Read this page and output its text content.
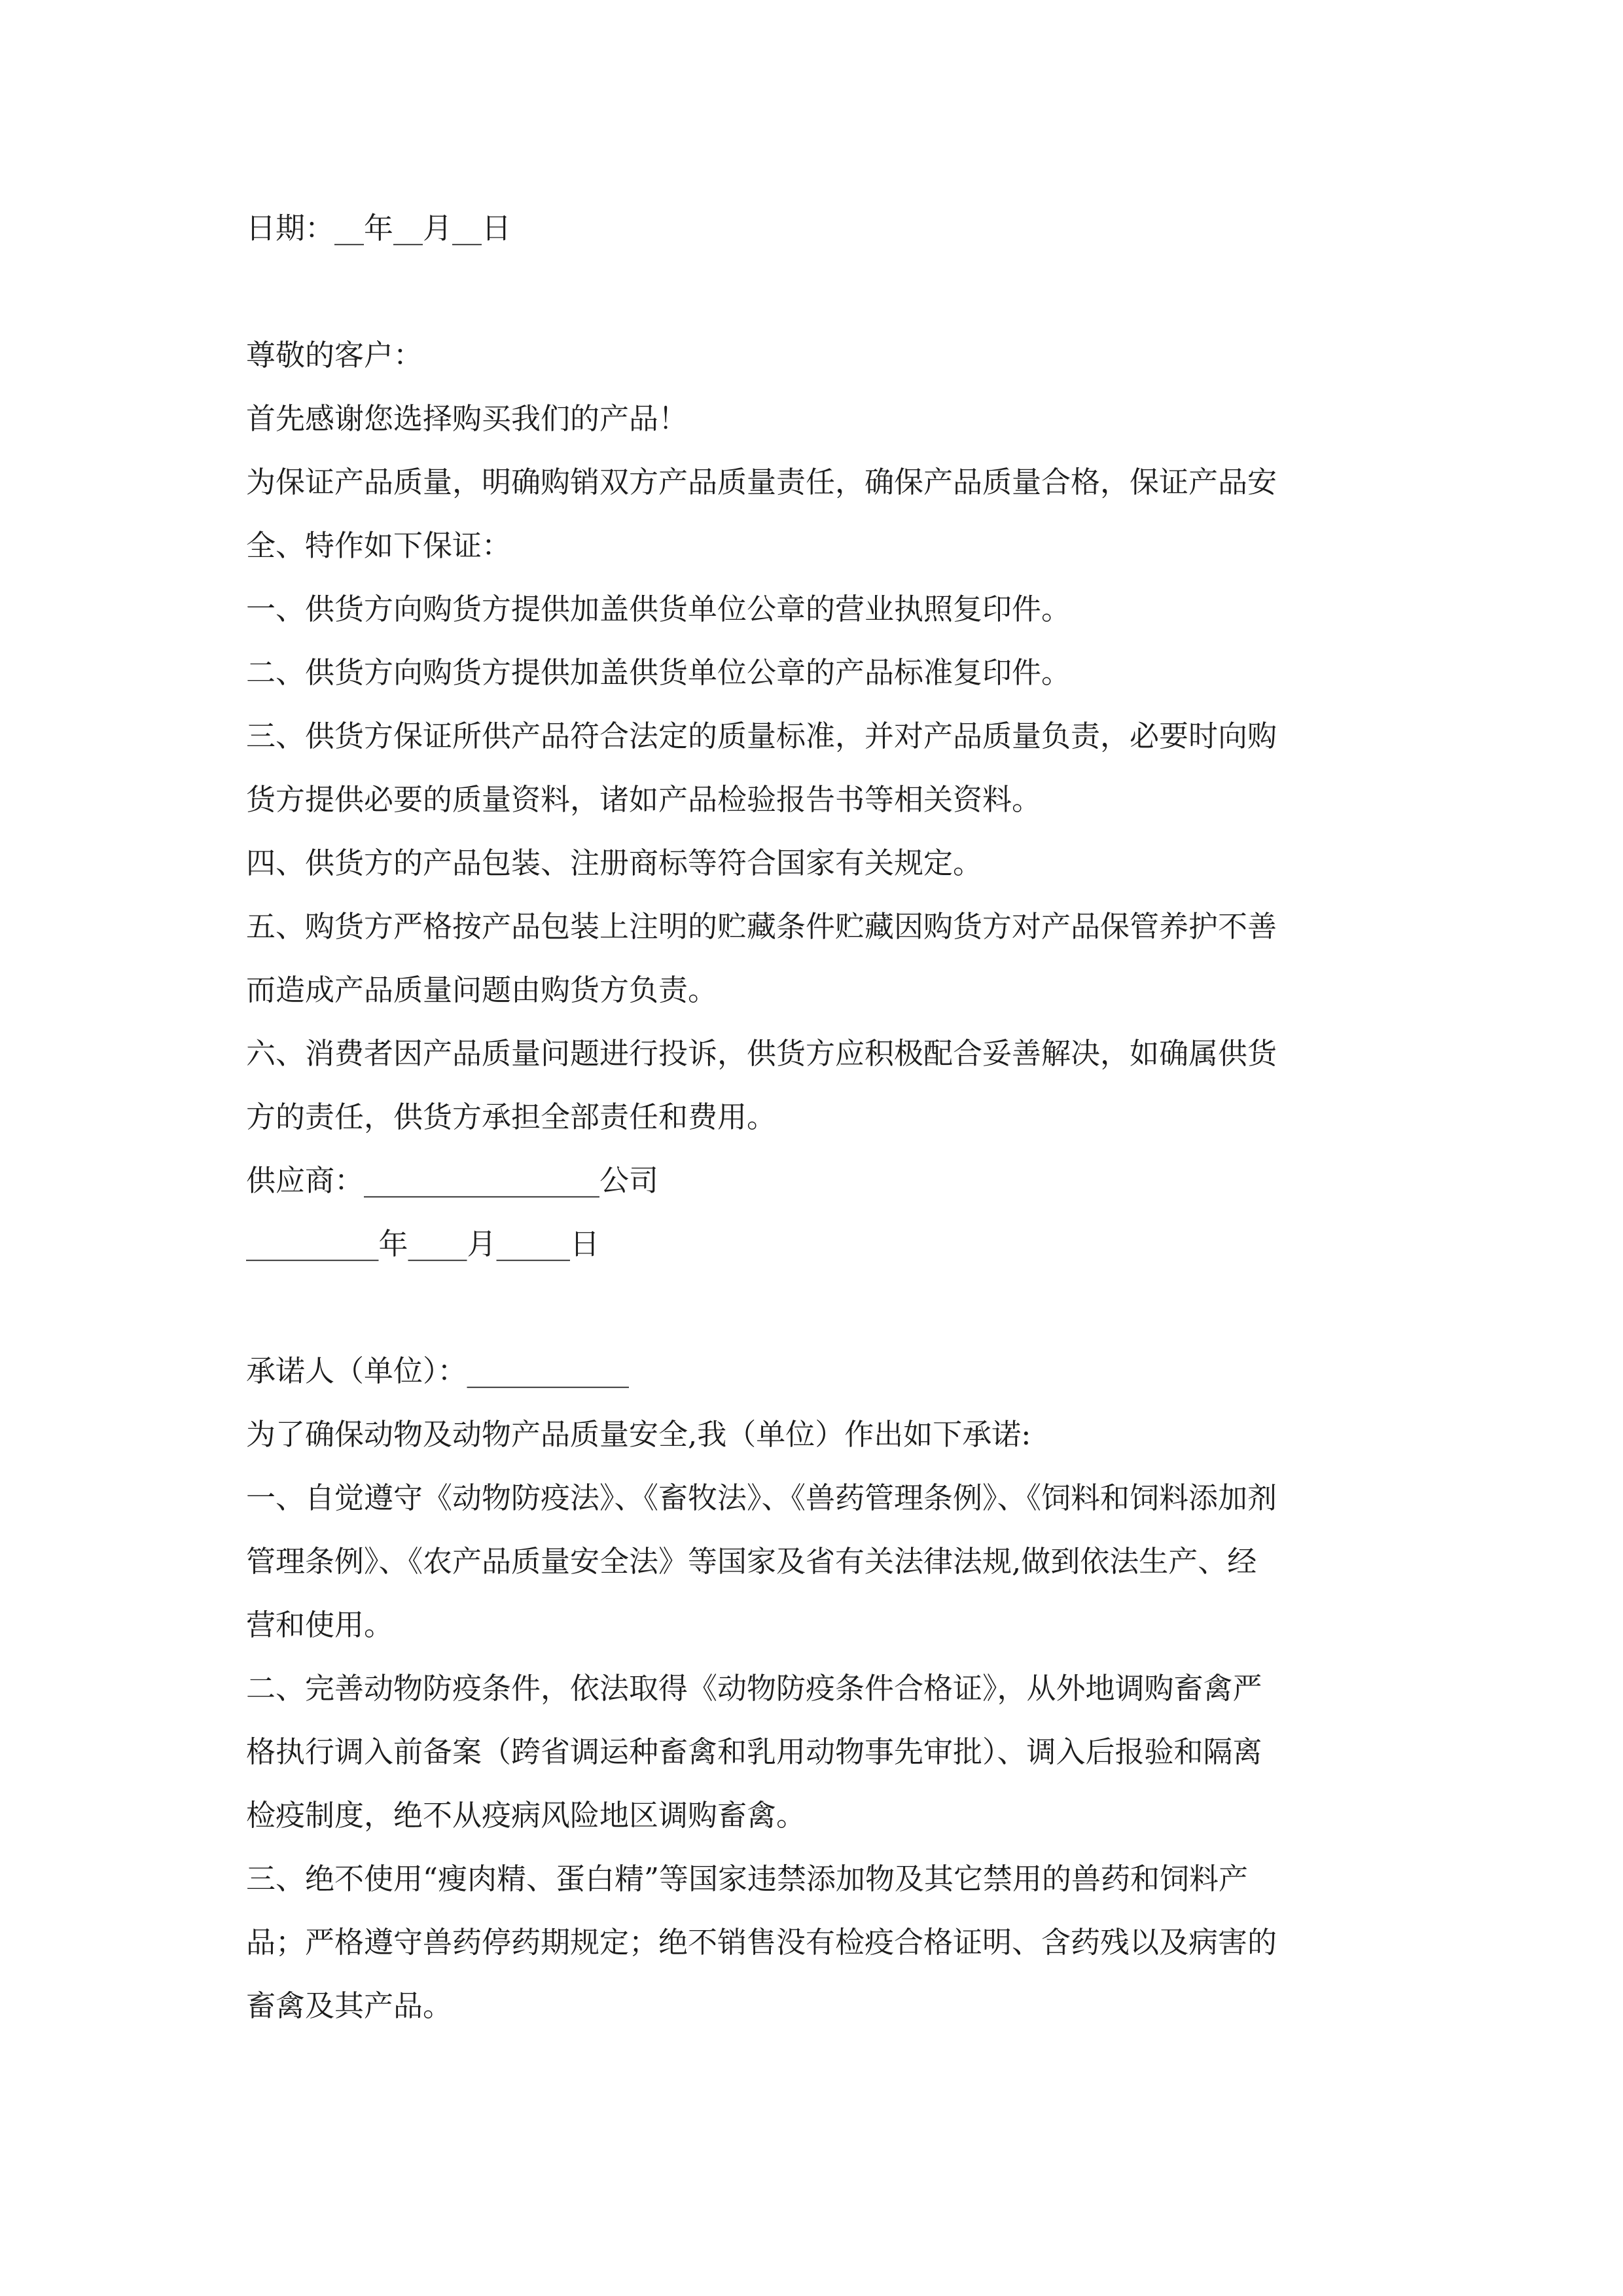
日期：__年__月__日
尊敬的客户：
首先感谢您选择购买我们的产品！
为保证产品质量，明确购销双方产品质量责任，确保产品质量合格，保证产品安
全、特作如下保证：
一、供货方向购货方提供加盖供货单位公章的营业执照复印件。
二、供货方向购货方提供加盖供货单位公章的产品标准复印件。
三、供货方保证所供产品符合法定的质量标准，并对产品质量负责，必要时向购
货方提供必要的质量资料，诸如产品检验报告书等相关资料。
四、供货方的产品包装、注册商标等符合国家有关规定。
五、购货方严格按产品包装上注明的贮藏条件贮藏因购货方对产品保管养护不善
而造成产品质量问题由购货方负责。
六、消费者因产品质量问题进行投诉，供货方应积极配合妥善解决，如确属供货
方的责任，供货方承担全部责任和费用。
供应商：________________公司
_________年____月_____日
承诺人（单位）：___________
为了确保动物及动物产品质量安全,我（单位）作出如下承诺:
一、自觉遵守《动物防疫法》、《畜牧法》、《兽药管理条例》、《饲料和饲料添加剂
管理条例》、《农产品质量安全法》等国家及省有关法律法规,做到依法生产、经
营和使用。
二、完善动物防疫条件，依法取得《动物防疫条件合格证》，从外地调购畜禽严
格执行调入前备案（跨省调运种畜禽和乳用动物事先审批）、调入后报验和隔离
检疫制度，绝不从疫病风险地区调购畜禽。
三、绝不使用“瘦肉精、蛋白精”等国家违禁添加物及其它禁用的兽药和饲料产
品；严格遵守兽药停药期规定；绝不销售没有检疫合格证明、含药残以及病害的
畜禽及其产品。
